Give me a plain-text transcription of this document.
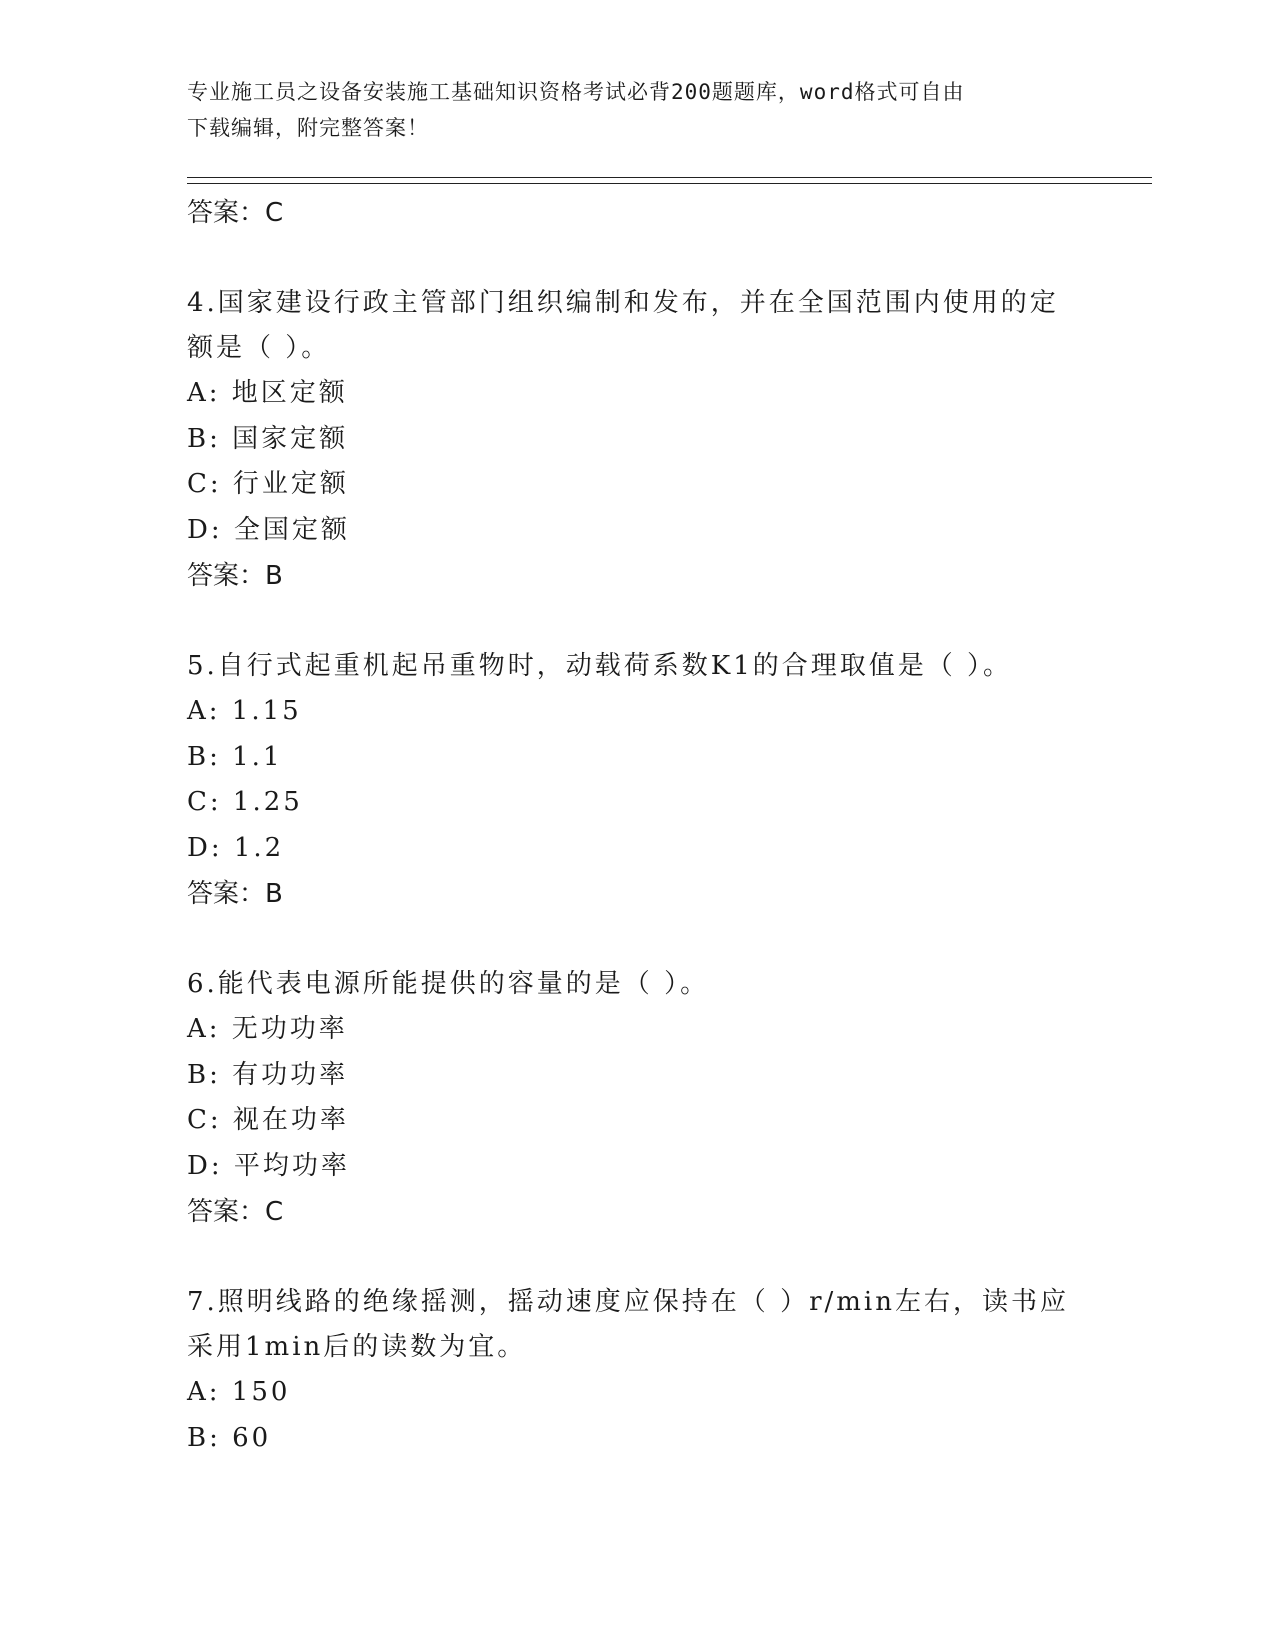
专业施工员之设备安装施工基础知识资格考试必背200题题库，word格式可自由
下载编辑，附完整答案！
答案：C
4.国家建设行政主管部门组织编制和发布，并在全国范围内使用的定
额是（ ）。
A: 地区定额
B: 国家定额
C: 行业定额
D: 全国定额
答案：B
5.自行式起重机起吊重物时，动载荷系数K1的合理取值是（ ）。
A: 1.15
B: 1.1
C: 1.25
D: 1.2
答案：B
6.能代表电源所能提供的容量的是（ ）。
A: 无功功率
B: 有功功率
C: 视在功率
D: 平均功率
答案：C
7.照明线路的绝缘摇测，摇动速度应保持在（ ）r/min左右，读书应
采用1min后的读数为宜。
A: 150
B: 60
